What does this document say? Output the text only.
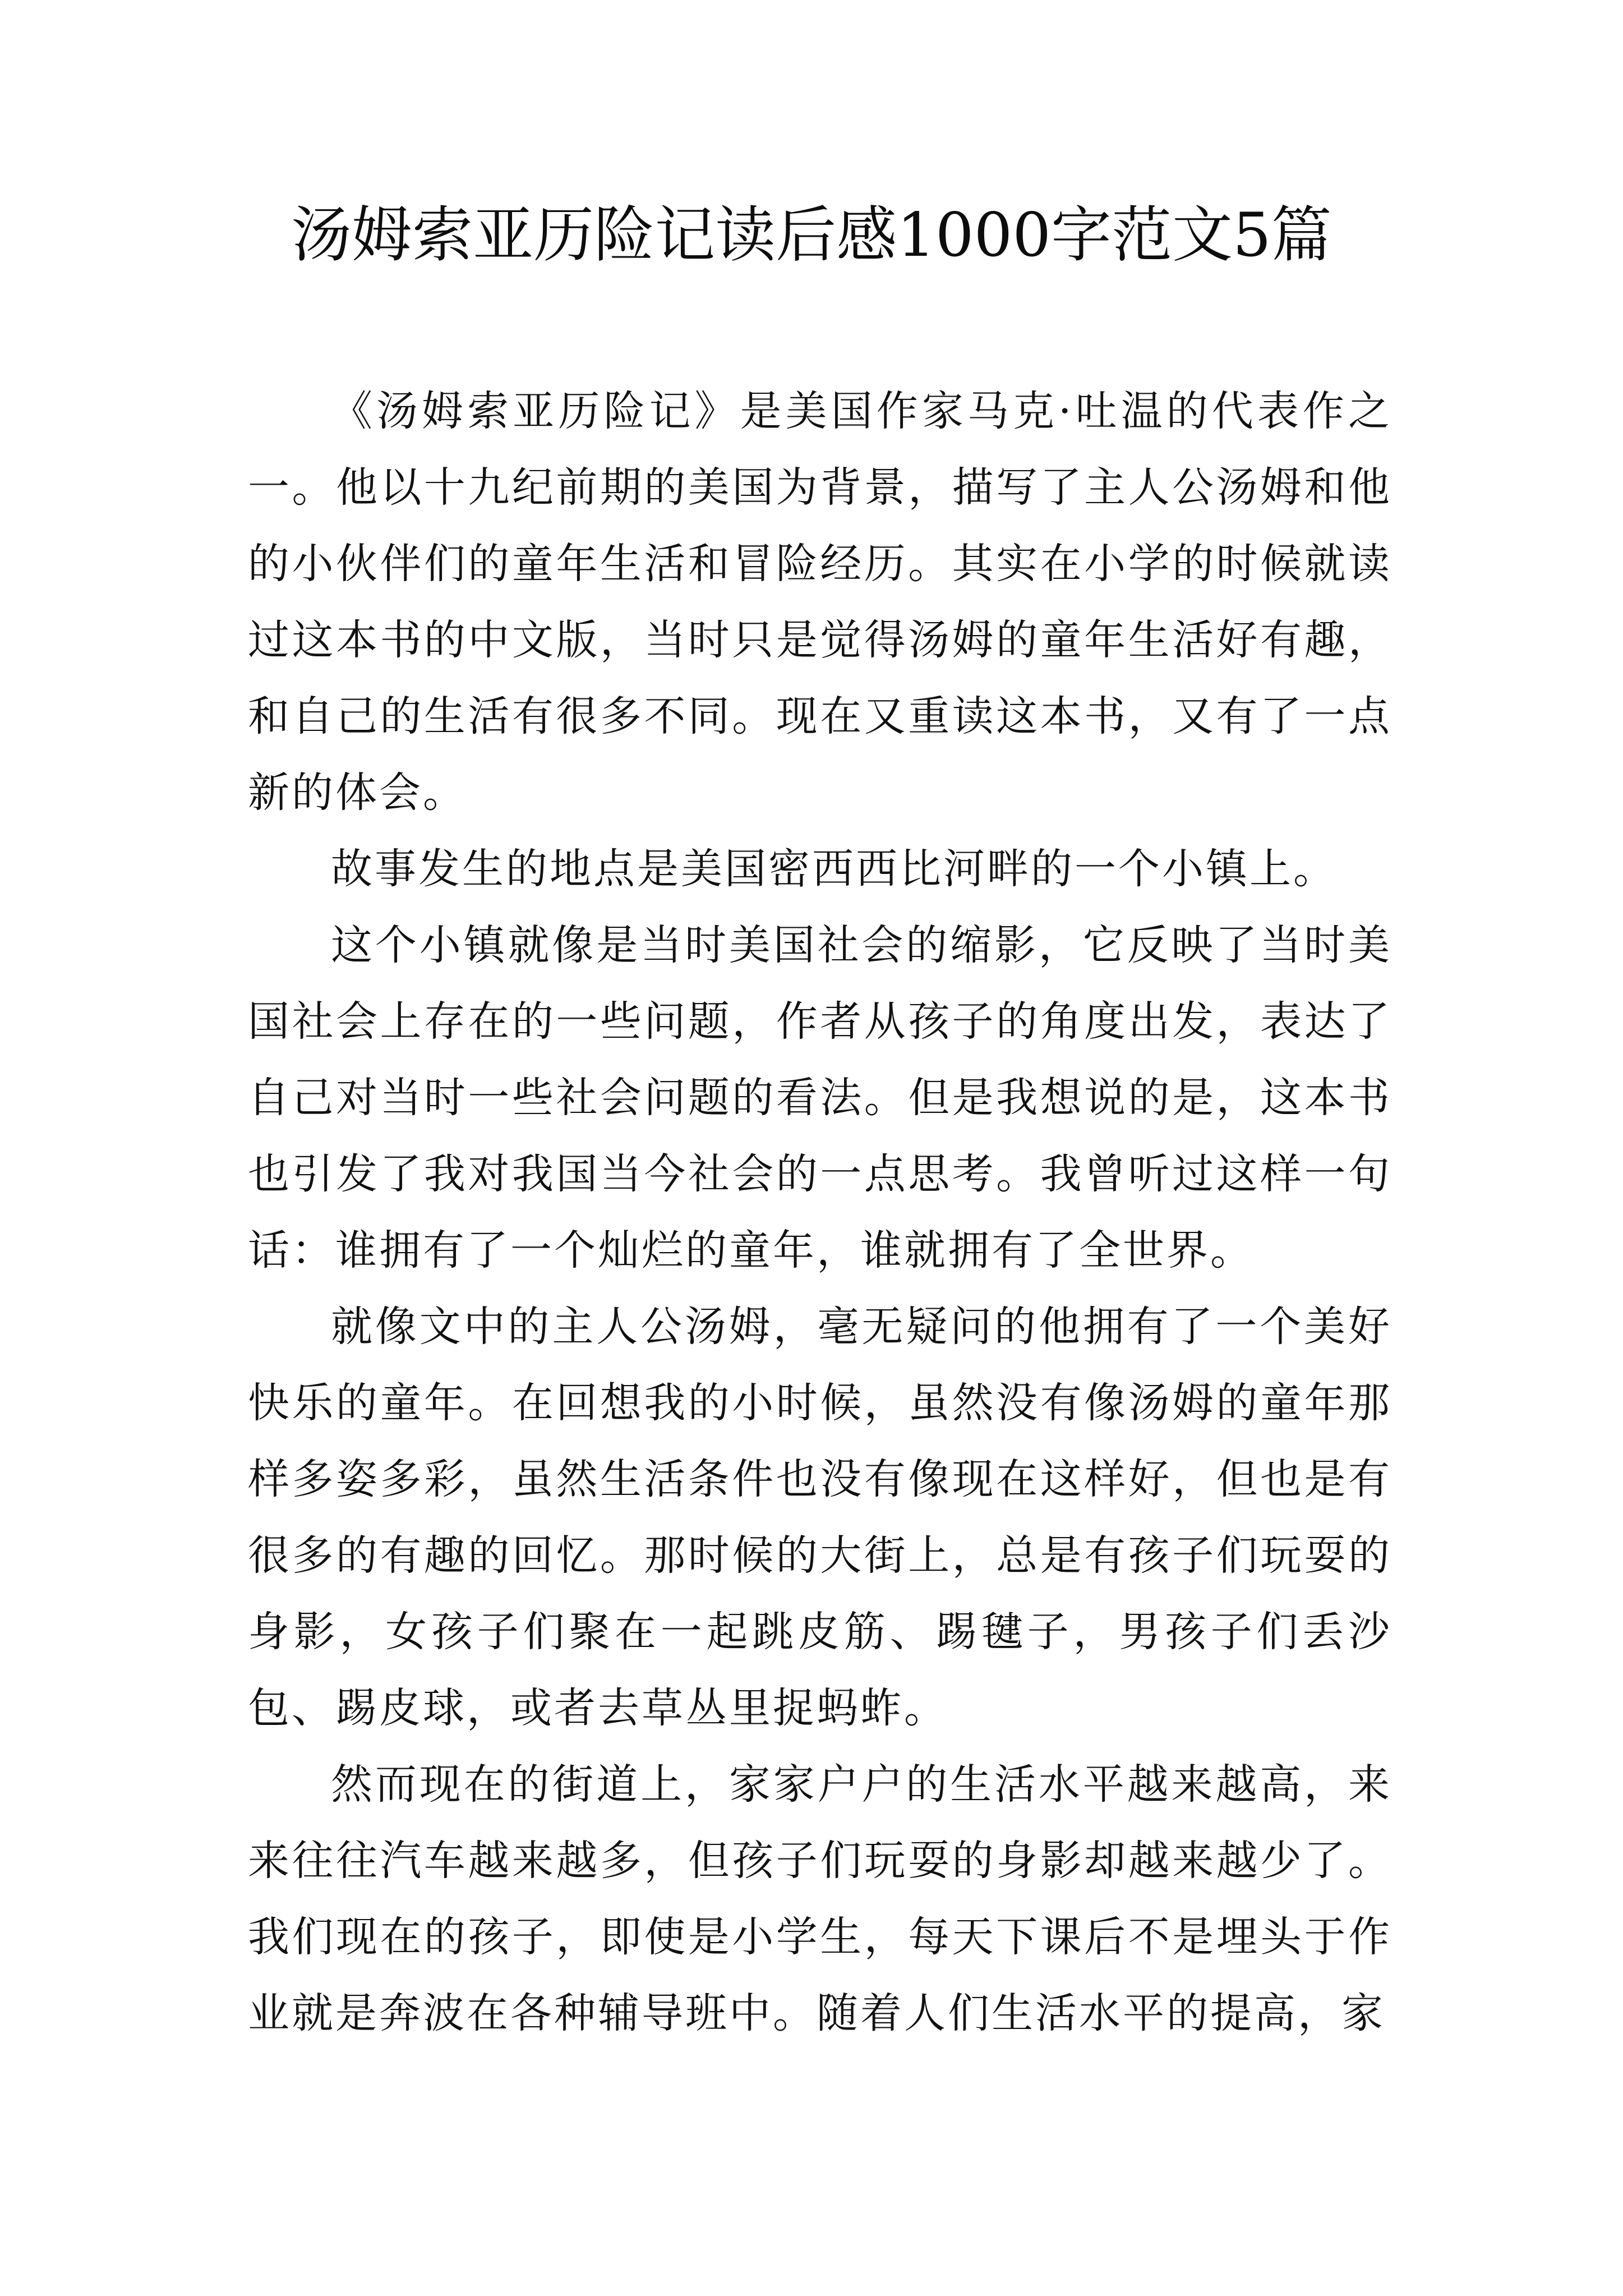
汤姆索亚历险记读后感1000字范文5篇

《汤姆索亚历险记》是美国作家马克·吐温的代表作之一。他以十九纪前期的美国为背景，描写了主人公汤姆和他的小伙伴们的童年生活和冒险经历。其实在小学的时候就读过这本书的中文版，当时只是觉得汤姆的童年生活好有趣，和自己的生活有很多不同。现在又重读这本书，又有了一点新的体会。

故事发生的地点是美国密西西比河畔的一个小镇上。

这个小镇就像是当时美国社会的缩影，它反映了当时美国社会上存在的一些问题，作者从孩子的角度出发，表达了自己对当时一些社会问题的看法。但是我想说的是，这本书也引发了我对我国当今社会的一点思考。我曾听过这样一句话：谁拥有了一个灿烂的童年，谁就拥有了全世界。

就像文中的主人公汤姆，毫无疑问的他拥有了一个美好快乐的童年。在回想我的小时候，虽然没有像汤姆的童年那样多姿多彩，虽然生活条件也没有像现在这样好，但也是有很多的有趣的回忆。那时候的大街上，总是有孩子们玩耍的身影，女孩子们聚在一起跳皮筋、踢毽子，男孩子们丢沙包、踢皮球，或者去草丛里捉蚂蚱。

然而现在的街道上，家家户户的生活水平越来越高，来来往往汽车越来越多，但孩子们玩耍的身影却越来越少了。我们现在的孩子，即使是小学生，每天下课后不是埋头于作业就是奔波在各种辅导班中。随着人们生活水平的提高，家
